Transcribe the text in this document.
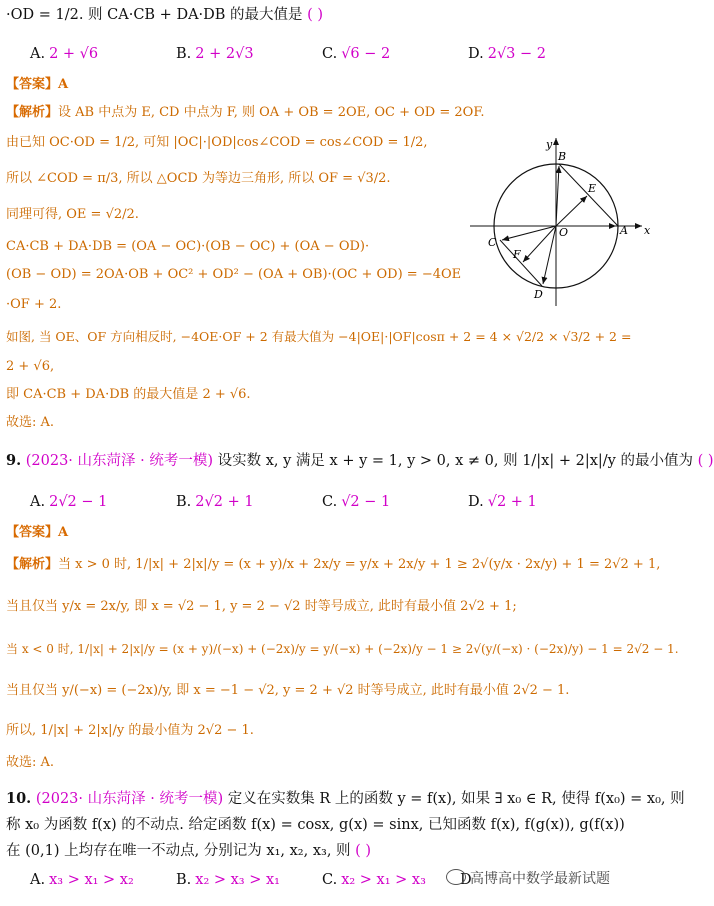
·OD = 1/2. 则 CA·CB + DA·DB 的最大值是 ( )
A. 2 + √6	B. 2 + 2√3	C. √6 − 2	D. 2√3 − 2
【答案】A
【解析】设 AB 中点为 E, CD 中点为 F, 则 OA + OB = 2OE, OC + OD = 2OF.
由已知 OC·OD = 1/2, 可知 |OC|·|OD|cos∠COD = cos∠COD = 1/2,
所以 ∠COD = π/3, 所以 △OCD 为等边三角形, 所以 OF = √3/2.
同理可得, OE = √2/2.
CA·CB + DA·DB = (OA − OC)·(OB − OC) + (OA − OD)·
(OB − OD) = 2OA·OB + OC² + OD² − (OA + OB)·(OC + OD) = −4OE
·OF + 2.
如图, 当 OE、OF 方向相反时, −4OE·OF + 2 有最大值为 −4|OE|·|OF|cosπ + 2 = 4 × √2/2 × √3/2 + 2 =
2 + √6,
即 CA·CB + DA·DB 的最大值是 2 + √6.
故选: A.
x
y
O	A
B
C
D
E
F
9. (2023· 山东菏泽 · 统考一模) 设实数 x, y 满足 x + y = 1, y > 0, x ≠ 0, 则 1/|x| + 2|x|/y 的最小值为 ( )
A. 2√2 − 1	B. 2√2 + 1	C. √2 − 1	D. √2 + 1
【答案】A
【解析】当 x > 0 时, 1/|x| + 2|x|/y = (x + y)/x + 2x/y = y/x + 2x/y + 1 ≥ 2√(y/x · 2x/y) + 1 = 2√2 + 1,
当且仅当 y/x = 2x/y, 即 x = √2 − 1, y = 2 − √2 时等号成立, 此时有最小值 2√2 + 1;
当 x < 0 时, 1/|x| + 2|x|/y = (x + y)/(−x) + (−2x)/y = y/(−x) + (−2x)/y − 1 ≥ 2√(y/(−x) · (−2x)/y) − 1 = 2√2 − 1.
当且仅当 y/(−x) = (−2x)/y, 即 x = −1 − √2, y = 2 + √2 时等号成立, 此时有最小值 2√2 − 1.
所以, 1/|x| + 2|x|/y 的最小值为 2√2 − 1.
故选: A.
10. (2023· 山东菏泽 · 统考一模) 定义在实数集 R 上的函数 y = f(x), 如果 ∃ x₀ ∈ R, 使得 f(x₀) = x₀, 则
称 x₀ 为函数 f(x) 的不动点. 给定函数 f(x) = cosx, g(x) = sinx, 已知函数 f(x), f(g(x)), g(f(x))
在 (0,1) 上均存在唯一不动点, 分别记为 x₁, x₂, x₃, 则 ( )
A. x₃ > x₁ > x₂	B. x₂ > x₃ > x₁	C. x₂ > x₁ > x₃ D
高博高中数学最新试题
